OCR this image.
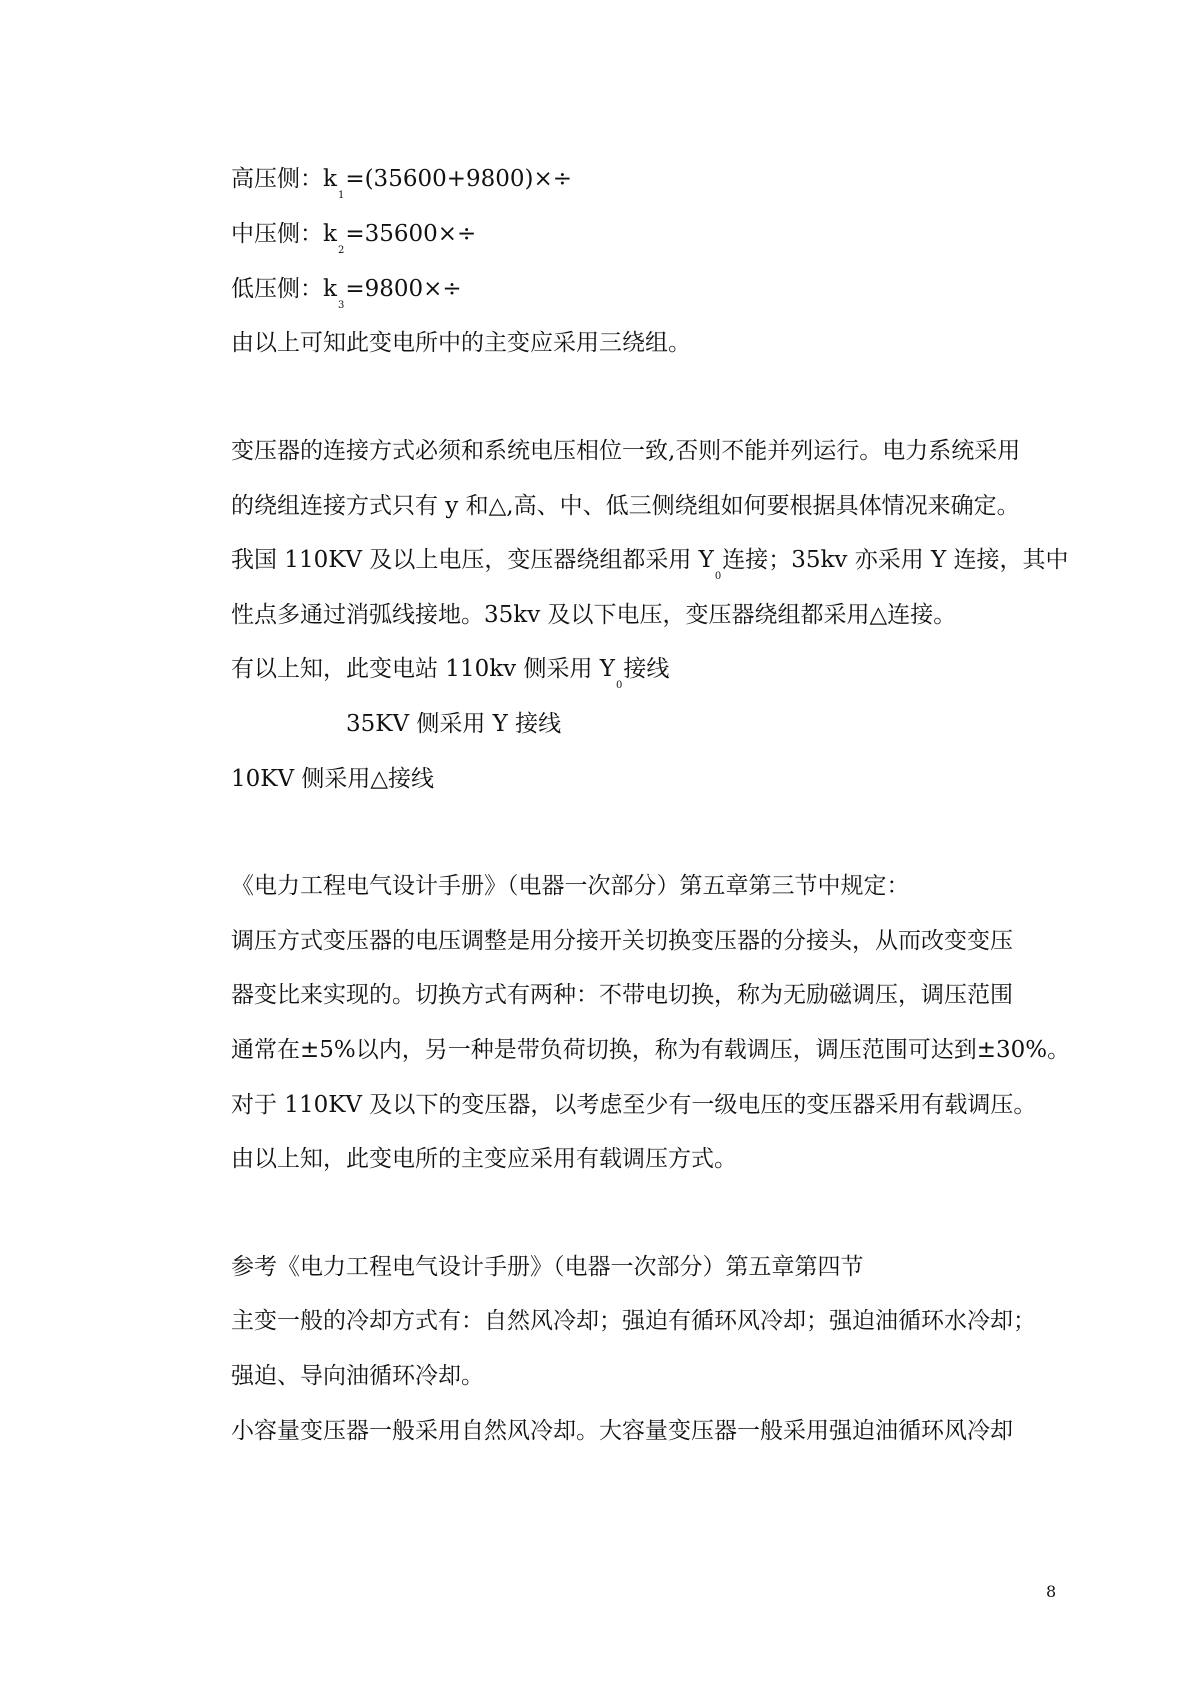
高压侧：k1=(35600+9800)×÷
中压侧：k2=35600×÷
低压侧：k3=9800×÷
由以上可知此变电所中的主变应采用三绕组。
变压器的连接方式必须和系统电压相位一致,否则不能并列运行。电力系统采用
的绕组连接方式只有 y 和△,高、中、低三侧绕组如何要根据具体情况来确定。
我国 110KV 及以上电压，变压器绕组都采用 Y0连接；35kv 亦采用 Y 连接，其中
性点多通过消弧线接地。35kv 及以下电压，变压器绕组都采用△连接。
有以上知，此变电站 110kv 侧采用 Y0接线
35KV 侧采用 Y 接线
10KV 侧采用△接线
《电力工程电气设计手册》（电器一次部分）第五章第三节中规定：
调压方式变压器的电压调整是用分接开关切换变压器的分接头，从而改变变压
器变比来实现的。切换方式有两种：不带电切换，称为无励磁调压，调压范围
通常在±5%以内，另一种是带负荷切换，称为有载调压，调压范围可达到±30%。
对于 110KV 及以下的变压器，以考虑至少有一级电压的变压器采用有载调压。
由以上知，此变电所的主变应采用有载调压方式。
参考《电力工程电气设计手册》（电器一次部分）第五章第四节
主变一般的冷却方式有：自然风冷却；强迫有循环风冷却；强迫油循环水冷却；
强迫、导向油循环冷却。
小容量变压器一般采用自然风冷却。大容量变压器一般采用强迫油循环风冷却
8
